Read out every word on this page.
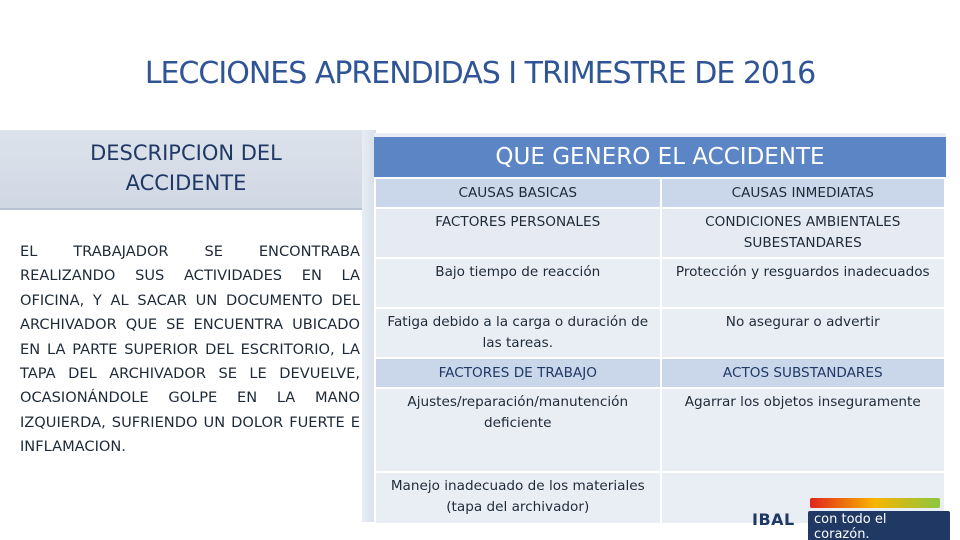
LECCIONES APRENDIDAS I TRIMESTRE DE 2016
DESCRIPCION DEL
ACCIDENTE
EL TRABAJADOR SE ENCONTRABA REALIZANDO SUS ACTIVIDADES EN LA OFICINA, Y AL SACAR UN DOCUMENTO DEL ARCHIVADOR QUE SE ENCUENTRA UBICADO EN LA PARTE SUPERIOR DEL ESCRITORIO, LA TAPA DEL ARCHIVADOR SE LE DEVUELVE, OCASIONÁNDOLE GOLPE EN LA MANO IZQUIERDA, SUFRIENDO UN DOLOR FUERTE E INFLAMACION.
QUE GENERO EL ACCIDENTE
CAUSAS BASICAS	CAUSAS INMEDIATAS
FACTORES PERSONALES	CONDICIONES AMBIENTALES SUBESTANDARES
Bajo tiempo de reacción	Protección y resguardos inadecuados
Fatiga debido a la carga o duración de las tareas.	No asegurar o advertir
FACTORES DE TRABAJO	ACTOS SUBSTANDARES
Ajustes/reparación/manutención deficiente	Agarrar los objetos inseguramente
Manejo inadecuado de los materiales (tapa del archivador)	
IBAL	con todo el corazón.
